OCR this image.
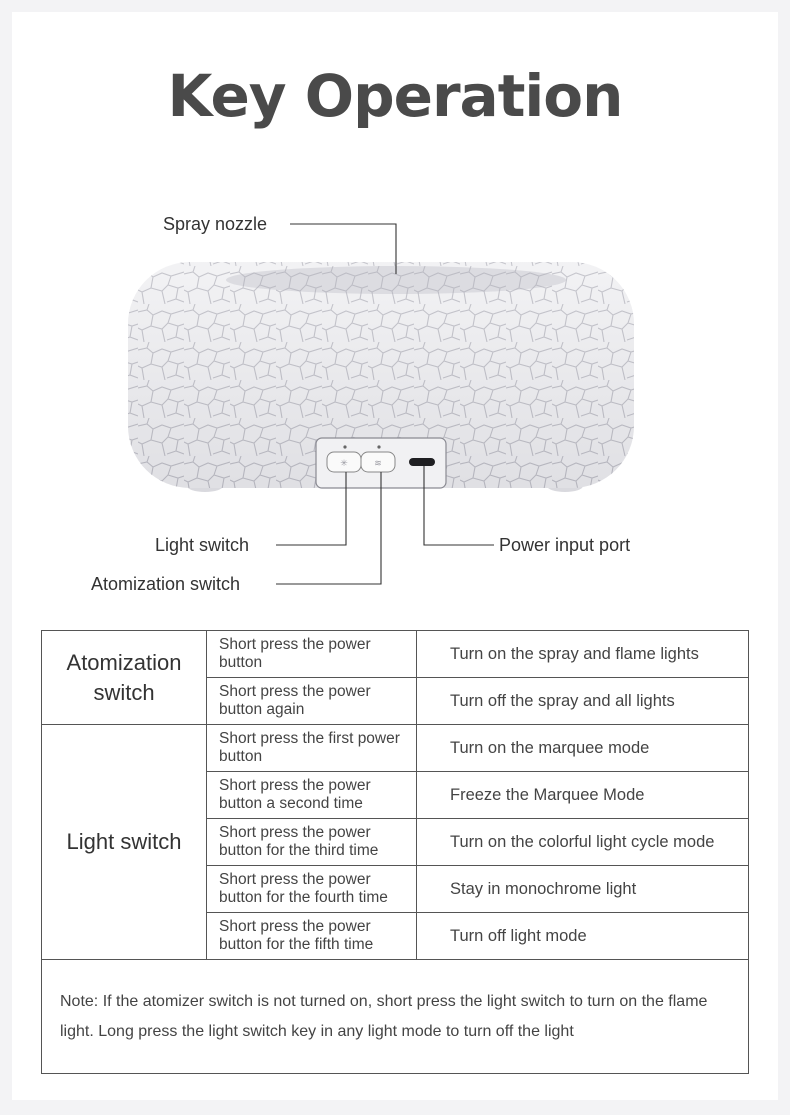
Key Operation
✳	≋
Spray nozzle
Light switch
Atomization switch
Power input port
Atomization switch	Short press the power button	Turn on the spray and flame lights
	Short press the power button again	Turn off the spray and all lights
Light switch	Short press the first power button	Turn on the marquee mode
	Short press the power button a second time	Freeze the Marquee Mode
	Short press the power button for the third time	Turn on the colorful light cycle mode
	Short press the power button for the fourth time	Stay in monochrome light
	Short press the power button for the fifth time	Turn off light mode
Note: If the atomizer switch is not turned on, short press the light switch to turn on the flame light. Long press the light switch key in any light mode to turn off the light		
